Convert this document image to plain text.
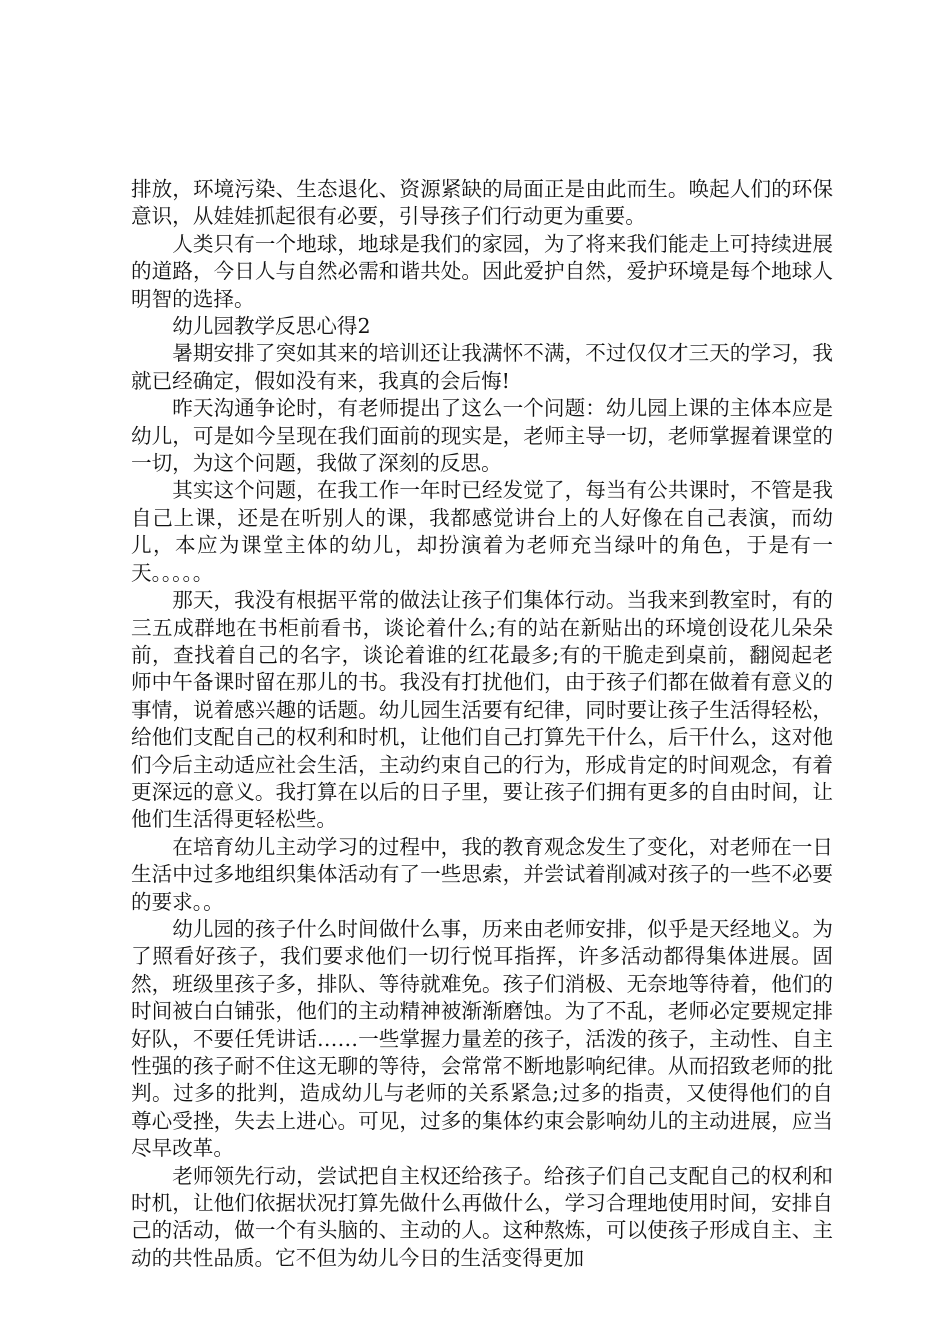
排放，环境污染、生态退化、资源紧缺的局面正是由此而生。唤起人们的环保意识，从娃娃抓起很有必要，引导孩子们行动更为重要。

人类只有一个地球，地球是我们的家园，为了将来我们能走上可持续进展的道路，今日人与自然必需和谐共处。因此爱护自然，爱护环境是每个地球人明智的选择。

幼儿园教学反思心得2

暑期安排了突如其来的培训还让我满怀不满，不过仅仅才三天的学习，我就已经确定，假如没有来，我真的会后悔!

昨天沟通争论时，有老师提出了这么一个问题：幼儿园上课的主体本应是幼儿，可是如今呈现在我们面前的现实是，老师主导一切，老师掌握着课堂的一切，为这个问题，我做了深刻的反思。

其实这个问题，在我工作一年时已经发觉了，每当有公共课时，不管是我自己上课，还是在听别人的课，我都感觉讲台上的人好像在自己表演，而幼儿，本应为课堂主体的幼儿，却扮演着为老师充当绿叶的角色，于是有一天。。。。。

那天，我没有根据平常的做法让孩子们集体行动。当我来到教室时，有的三五成群地在书柜前看书，谈论着什么;有的站在新贴出的环境创设花儿朵朵前，查找着自己的名字，谈论着谁的红花最多;有的干脆走到桌前，翻阅起老师中午备课时留在那儿的书。我没有打扰他们，由于孩子们都在做着有意义的事情，说着感兴趣的话题。幼儿园生活要有纪律，同时要让孩子生活得轻松，给他们支配自己的权利和时机，让他们自己打算先干什么，后干什么，这对他们今后主动适应社会生活，主动约束自己的行为，形成肯定的时间观念，有着更深远的意义。我打算在以后的日子里，要让孩子们拥有更多的自由时间，让他们生活得更轻松些。

在培育幼儿主动学习的过程中，我的教育观念发生了变化，对老师在一日生活中过多地组织集体活动有了一些思索，并尝试着削减对孩子的一些不必要的要求。。

幼儿园的孩子什么时间做什么事，历来由老师安排，似乎是天经地义。为了照看好孩子，我们要求他们一切行悦耳指挥，许多活动都得集体进展。固然，班级里孩子多，排队、等待就难免。孩子们消极、无奈地等待着，他们的时间被白白铺张，他们的主动精神被渐渐磨蚀。为了不乱，老师必定要规定排好队，不要任凭讲话……一些掌握力量差的孩子，活泼的孩子，主动性、自主性强的孩子耐不住这无聊的等待，会常常不断地影响纪律。从而招致老师的批判。过多的批判，造成幼儿与老师的关系紧急;过多的指责，又使得他们的自尊心受挫，失去上进心。可见，过多的集体约束会影响幼儿的主动进展，应当尽早改革。

老师领先行动，尝试把自主权还给孩子。给孩子们自己支配自己的权利和时机，让他们依据状况打算先做什么再做什么，学习合理地使用时间，安排自己的活动，做一个有头脑的、主动的人。这种熬炼，可以使孩子形成自主、主动的共性品质。它不但为幼儿今日的生活变得更加
